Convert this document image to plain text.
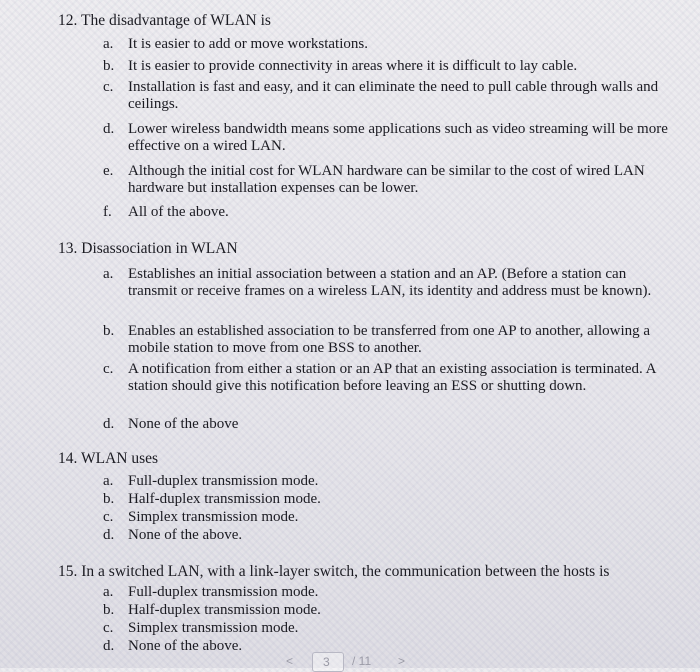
12. The disadvantage of WLAN is
a. It is easier to add or move workstations.
b. It is easier to provide connectivity in areas where it is difficult to lay cable.
c. Installation is fast and easy, and it can eliminate the need to pull cable through walls and ceilings.
d. Lower wireless bandwidth means some applications such as video streaming will be more effective on a wired LAN.
e. Although the initial cost for WLAN hardware can be similar to the cost of wired LAN hardware but installation expenses can be lower.
f. All of the above.
13. Disassociation in WLAN
a. Establishes an initial association between a station and an AP. (Before a station can transmit or receive frames on a wireless LAN, its identity and address must be known).
b. Enables an established association to be transferred from one AP to another, allowing a mobile station to move from one BSS to another.
c. A notification from either a station or an AP that an existing association is terminated. A station should give this notification before leaving an ESS or shutting down.
d. None of the above
14. WLAN uses
a. Full-duplex transmission mode.
b. Half-duplex transmission mode.
c. Simplex transmission mode.
d. None of the above.
15. In a switched LAN, with a link-layer switch, the communication between the hosts is
a. Full-duplex transmission mode.
b. Half-duplex transmission mode.
c. Simplex transmission mode.
d. None of the above.
< 3 / 11 >
